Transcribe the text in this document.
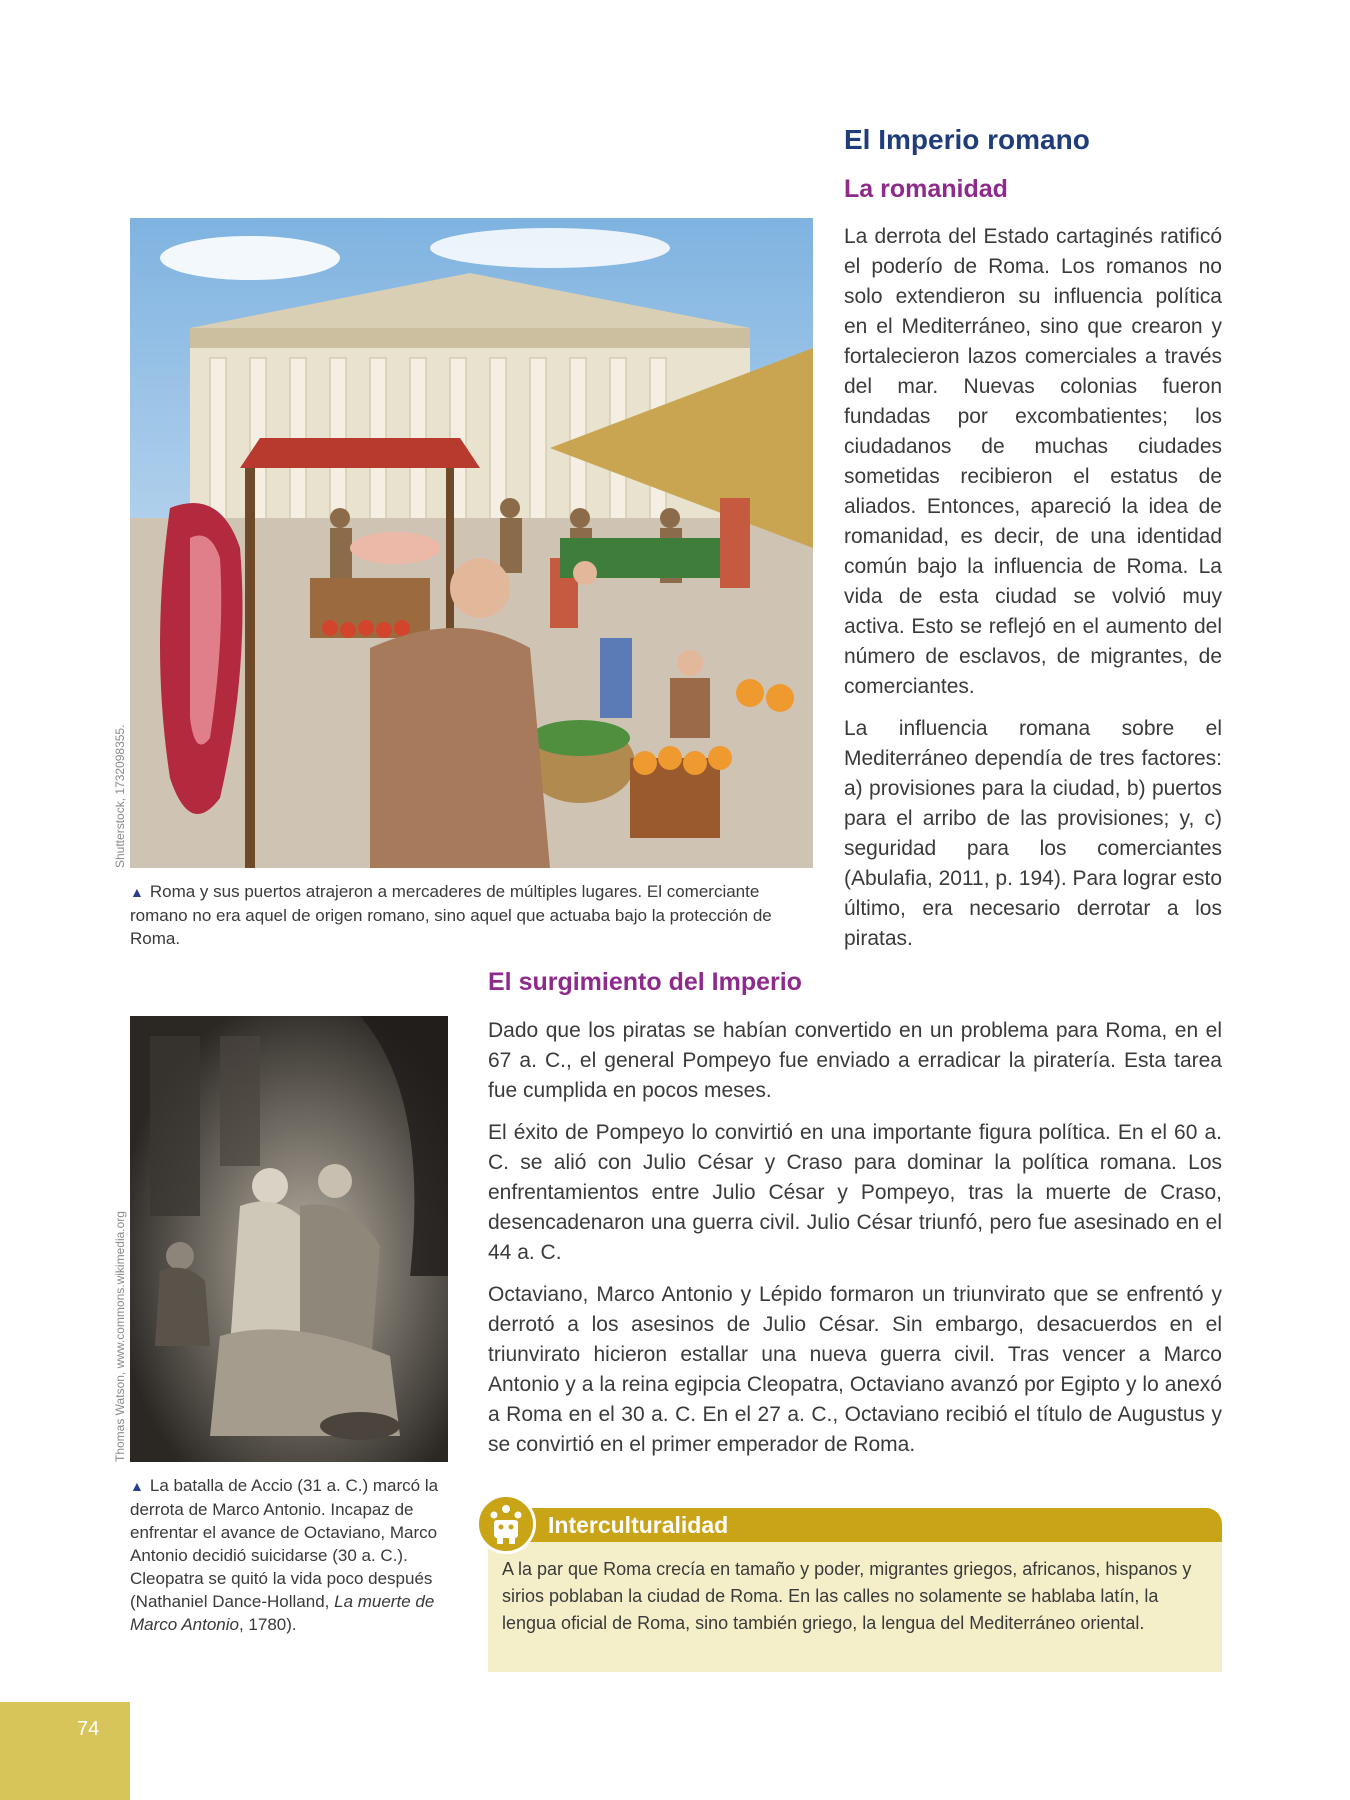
El Imperio romano
La romanidad

La derrota del Estado cartaginés ratificó el poderío de Roma. Los romanos no solo extendieron su influencia política en el Mediterráneo, sino que crearon y fortalecieron lazos comerciales a través del mar. Nuevas colonias fueron fundadas por excombatientes; los ciudadanos de muchas ciudades sometidas recibieron el estatus de aliados. Entonces, apareció la idea de romanidad, es decir, de una identidad común bajo la influencia de Roma. La vida de esta ciudad se volvió muy activa. Esto se reflejó en el aumento del número de esclavos, de migrantes, de comerciantes.

La influencia romana sobre el Mediterráneo dependía de tres factores: a) provisiones para la ciudad, b) puertos para el arribo de las provisiones; y, c) seguridad para los comerciantes (Abulafia, 2011, p. 194). Para lograr esto último, era necesario derrotar a los piratas.

Shutterstock, 1732098355.
▲ Roma y sus puertos atrajeron a mercaderes de múltiples lugares. El comerciante romano no era aquel de origen romano, sino aquel que actuaba bajo la protección de Roma.
El surgimiento del Imperio

Dado que los piratas se habían convertido en un problema para Roma, en el 67 a. C., el general Pompeyo fue enviado a erradicar la piratería. Esta tarea fue cumplida en pocos meses.

El éxito de Pompeyo lo convirtió en una importante figura política. En el 60 a. C. se alió con Julio César y Craso para dominar la política romana. Los enfrentamientos entre Julio César y Pompeyo, tras la muerte de Craso, desencadenaron una guerra civil. Julio César triunfó, pero fue asesinado en el 44 a. C.

Octaviano, Marco Antonio y Lépido formaron un triunvirato que se enfrentó y derrotó a los asesinos de Julio César. Sin embargo, desacuerdos en el triunvirato hicieron estallar una nueva guerra civil. Tras vencer a Marco Antonio y a la reina egipcia Cleopatra, Octaviano avanzó por Egipto y lo anexó a Roma en el 30 a. C. En el 27 a. C., Octaviano recibió el título de Augustus y se convirtió en el primer emperador de Roma.

Thomas Watson, www.commons.wikimedia.org
▲ La batalla de Accio (31 a. C.) marcó la derrota de Marco Antonio. Incapaz de enfrentar el avance de Octaviano, Marco Antonio decidió suicidarse (30 a. C.). Cleopatra se quitó la vida poco después (Nathaniel Dance-Holland, La muerte de Marco Antonio, 1780).
Interculturalidad
A la par que Roma crecía en tamaño y poder, migrantes griegos, africanos, hispanos y sirios poblaban la ciudad de Roma. En las calles no solamente se hablaba latín, la lengua oficial de Roma, sino también griego, la lengua del Mediterráneo oriental.
74
